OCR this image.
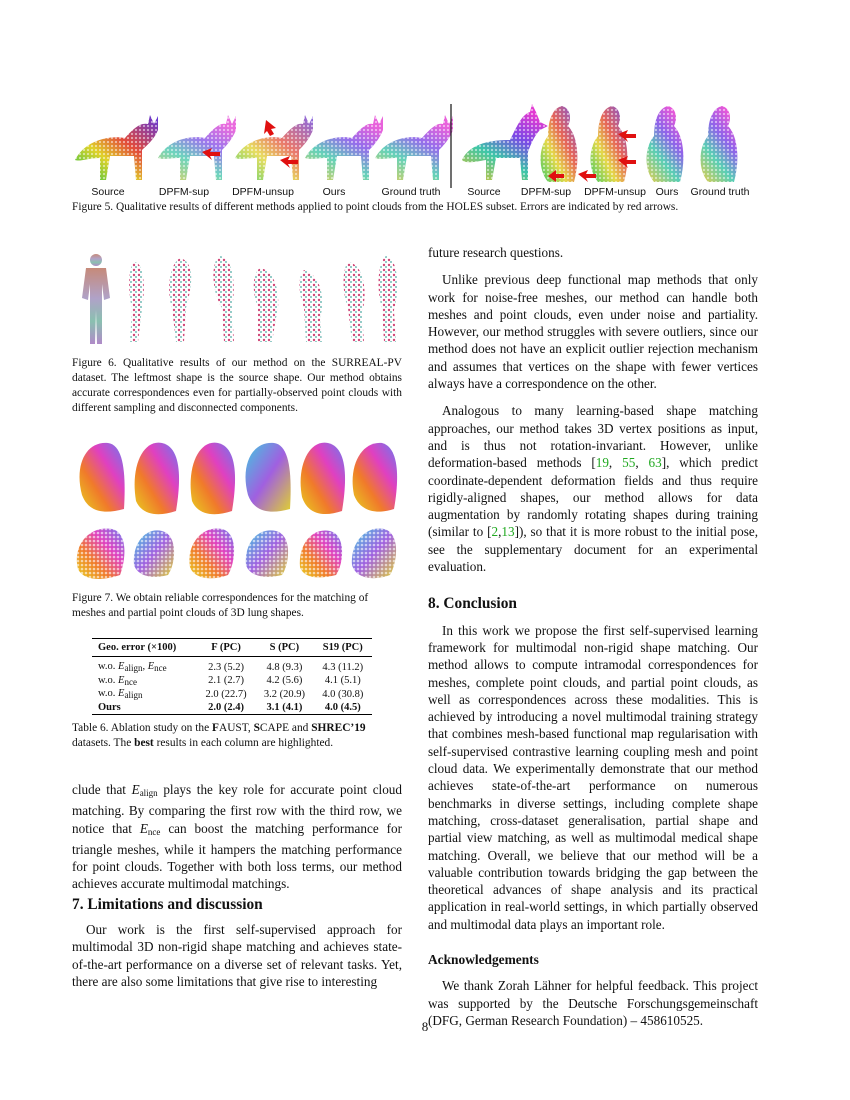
Source	DPFM-sup DPFM-unsup	Ours	Ground truth	Source DPFM-sup DPFM-unsup Ours Ground truth
Figure 5. Qualitative results of different methods applied to point clouds from the HOLES subset. Errors are indicated by red arrows.
Figure 6. Qualitative results of our method on the SURREAL-PV dataset. The leftmost shape is the source shape. Our method obtains accurate correspondences even for partially-observed point clouds with different sampling and disconnected components.
Figure 7. We obtain reliable correspondences for the matching of meshes and partial point clouds of 3D lung shapes.
Geo. error (×100)	F (PC)	S (PC)	S19 (PC)
w.o. Ealign, Ence	2.3 (5.2)	4.8 (9.3)	4.3 (11.2)
w.o. Ence	2.1 (2.7)	4.2 (5.6)	4.1 (5.1)
w.o. Ealign	2.0 (22.7)	3.2 (20.9)	4.0 (30.8)
Ours	2.0 (2.4)	3.1 (4.1)	4.0 (4.5)
Table 6. Ablation study on the FAUST, SCAPE and SHREC’19 datasets. The best results in each column are highlighted.
clude that $E_{align}$ plays the key role for accurate point cloud matching. By comparing the first row with the third row, we notice that $E_{nce}$ can boost the matching performance for triangle meshes, while it hampers the matching performance for point clouds. Together with both loss terms, our method achieves accurate multimodal matchings.
7. Limitations and discussion
Our work is the first self-supervised approach for multimodal 3D non-rigid shape matching and achieves state-of-the-art performance on a diverse set of relevant tasks. Yet, there are also some limitations that give rise to interesting

future research questions.

Unlike previous deep functional map methods that only work for noise-free meshes, our method can handle both meshes and point clouds, even under noise and partiality. However, our method struggles with severe outliers, since our method does not have an explicit outlier rejection mechanism and assumes that vertices on the shape with fewer vertices always have a correspondence on the other.

Analogous to many learning-based shape matching approaches, our method takes 3D vertex positions as input, and is thus not rotation-invariant. However, unlike deformation-based methods [19, 55, 63], which predict coordinate-dependent deformation fields and thus require rigidly-aligned shapes, our method allows for data augmentation by randomly rotating shapes during training (similar to [2,13]), so that it is more robust to the initial pose, see the supplementary document for an experimental evaluation.

8. Conclusion

In this work we propose the first self-supervised learning framework for multimodal non-rigid shape matching. Our method allows to compute intramodal correspondences for meshes, complete point clouds, and partial point clouds, as well as correspondences across these modalities. This is achieved by introducing a novel multimodal training strategy that combines mesh-based functional map regularisation with self-supervised contrastive learning coupling mesh and point cloud data. We experimentally demonstrate that our method achieves state-of-the-art performance on numerous benchmarks in diverse settings, including complete shape matching, cross-dataset generalisation, partial shape and partial view matching, as well as multimodal medical shape matching. Overall, we believe that our method will be a valuable contribution towards bridging the gap between the theoretical advances of shape analysis and its practical application in real-world settings, in which partially observed and multimodal data plays an important role.

Acknowledgements

We thank Zorah Lähner for helpful feedback. This project was supported by the Deutsche Forschungsgemeinschaft (DFG, German Research Foundation) – 458610525.

8
